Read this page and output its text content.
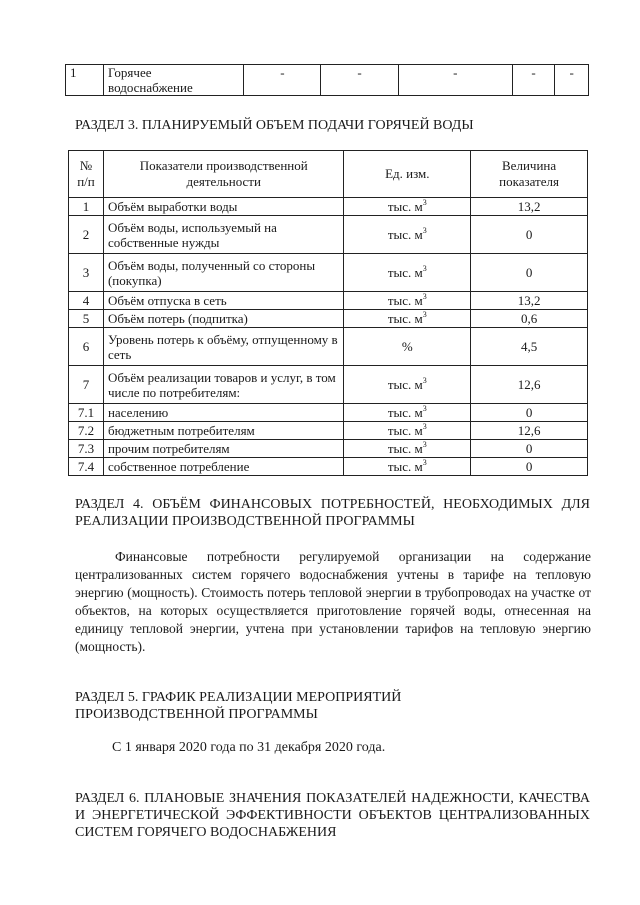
1	Горячее водоснабжение	-	-	-	-	-

РАЗДЕЛ 3. ПЛАНИРУЕМЫЙ ОБЪЕМ ПОДАЧИ ГОРЯЧЕЙ ВОДЫ

№ п/п	Показатели производственной деятельности	Ед. изм.	Величина показателя
1	Объём выработки воды	тыс. $м^3$	13,2
2	Объём воды, используемый на собственные нужды	тыс. $м^3$	0
3	Объём воды, полученный со стороны (покупка)	тыс. $м^3$	0
4	Объём отпуска в сеть	тыс. $м^3$	13,2
5	Объём потерь (подпитка)	тыс. $м^3$	0,6
6	Уровень потерь к объёму, отпущенному в сеть	%	4,5
7	Объём реализации товаров и услуг, в том числе по потребителям:	тыс. $м^3$	12,6
7.1	населению	тыс. $м^3$	0
7.2	бюджетным потребителям	тыс. $м^3$	12,6
7.3	прочим потребителям	тыс. $м^3$	0
7.4	собственное потребление	тыс. $м^3$	0

РАЗДЕЛ 4. ОБЪЁМ ФИНАНСОВЫХ ПОТРЕБНОСТЕЙ, НЕОБХОДИМЫХ ДЛЯ РЕАЛИЗАЦИИ ПРОИЗВОДСТВЕННОЙ ПРОГРАММЫ

Финансовые потребности регулируемой организации на содержание централизованных систем горячего водоснабжения учтены в тарифе на тепловую энергию (мощность). Стоимость потерь тепловой энергии в трубопроводах на участке от объектов, на которых осуществляется приготовление горячей воды, отнесенная на единицу тепловой энергии, учтена при установлении тарифов на тепловую энергию (мощность).

РАЗДЕЛ 5. ГРАФИК РЕАЛИЗАЦИИ МЕРОПРИЯТИЙ ПРОИЗВОДСТВЕННОЙ ПРОГРАММЫ

С 1 января 2020 года по 31 декабря 2020 года.

РАЗДЕЛ 6. ПЛАНОВЫЕ ЗНАЧЕНИЯ ПОКАЗАТЕЛЕЙ НАДЕЖНОСТИ, КАЧЕСТВА И ЭНЕРГЕТИЧЕСКОЙ ЭФФЕКТИВНОСТИ ОБЪЕКТОВ ЦЕНТРАЛИЗОВАННЫХ СИСТЕМ ГОРЯЧЕГО ВОДОСНАБЖЕНИЯ
